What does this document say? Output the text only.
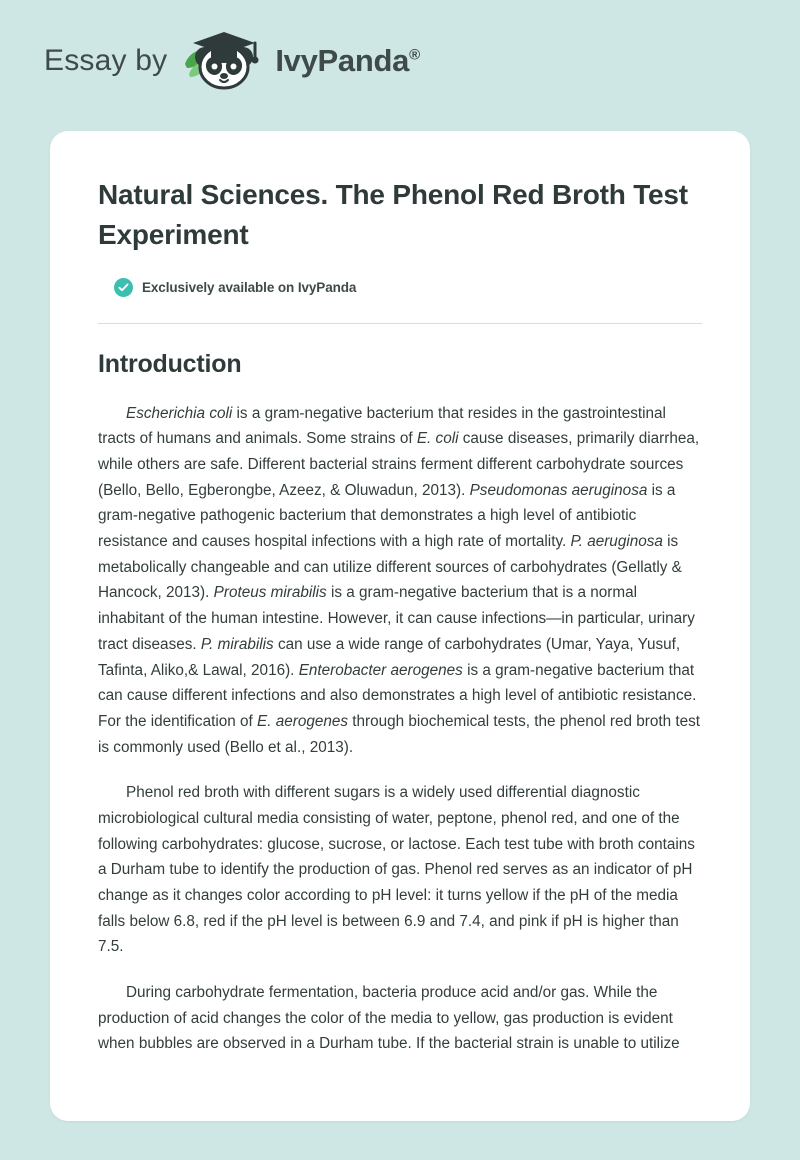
Essay by	IvyPanda®
Natural Sciences. The Phenol Red Broth Test Experiment
Exclusively available on IvyPanda
Introduction

Escherichia coli is a gram-negative bacterium that resides in the gastrointestinal tracts of humans and animals. Some strains of E. coli cause diseases, primarily diarrhea, while others are safe. Different bacterial strains ferment different carbohydrate sources (Bello, Bello, Egberongbe, Azeez, & Oluwadun, 2013). Pseudomonas aeruginosa is a gram-negative pathogenic bacterium that demonstrates a high level of antibiotic resistance and causes hospital infections with a high rate of mortality. P. aeruginosa is metabolically changeable and can utilize different sources of carbohydrates (Gellatly & Hancock, 2013). Proteus mirabilis is a gram-negative bacterium that is a normal inhabitant of the human intestine. However, it can cause infections—in particular, urinary tract diseases. P. mirabilis can use a wide range of carbohydrates (Umar, Yaya, Yusuf, Tafinta, Aliko,& Lawal, 2016). Enterobacter aerogenes is a gram-negative bacterium that can cause different infections and also demonstrates a high level of antibiotic resistance. For the identification of E. aerogenes through biochemical tests, the phenol red broth test is commonly used (Bello et al., 2013).

Phenol red broth with different sugars is a widely used differential diagnostic microbiological cultural media consisting of water, peptone, phenol red, and one of the following carbohydrates: glucose, sucrose, or lactose. Each test tube with broth contains a Durham tube to identify the production of gas. Phenol red serves as an indicator of pH change as it changes color according to pH level: it turns yellow if the pH of the media falls below 6.8, red if the pH level is between 6.9 and 7.4, and pink if pH is higher than 7.5.

During carbohydrate fermentation, bacteria produce acid and/or gas. While the production of acid changes the color of the media to yellow, gas production is evident when bubbles are observed in a Durham tube. If the bacterial strain is unable to utilize
